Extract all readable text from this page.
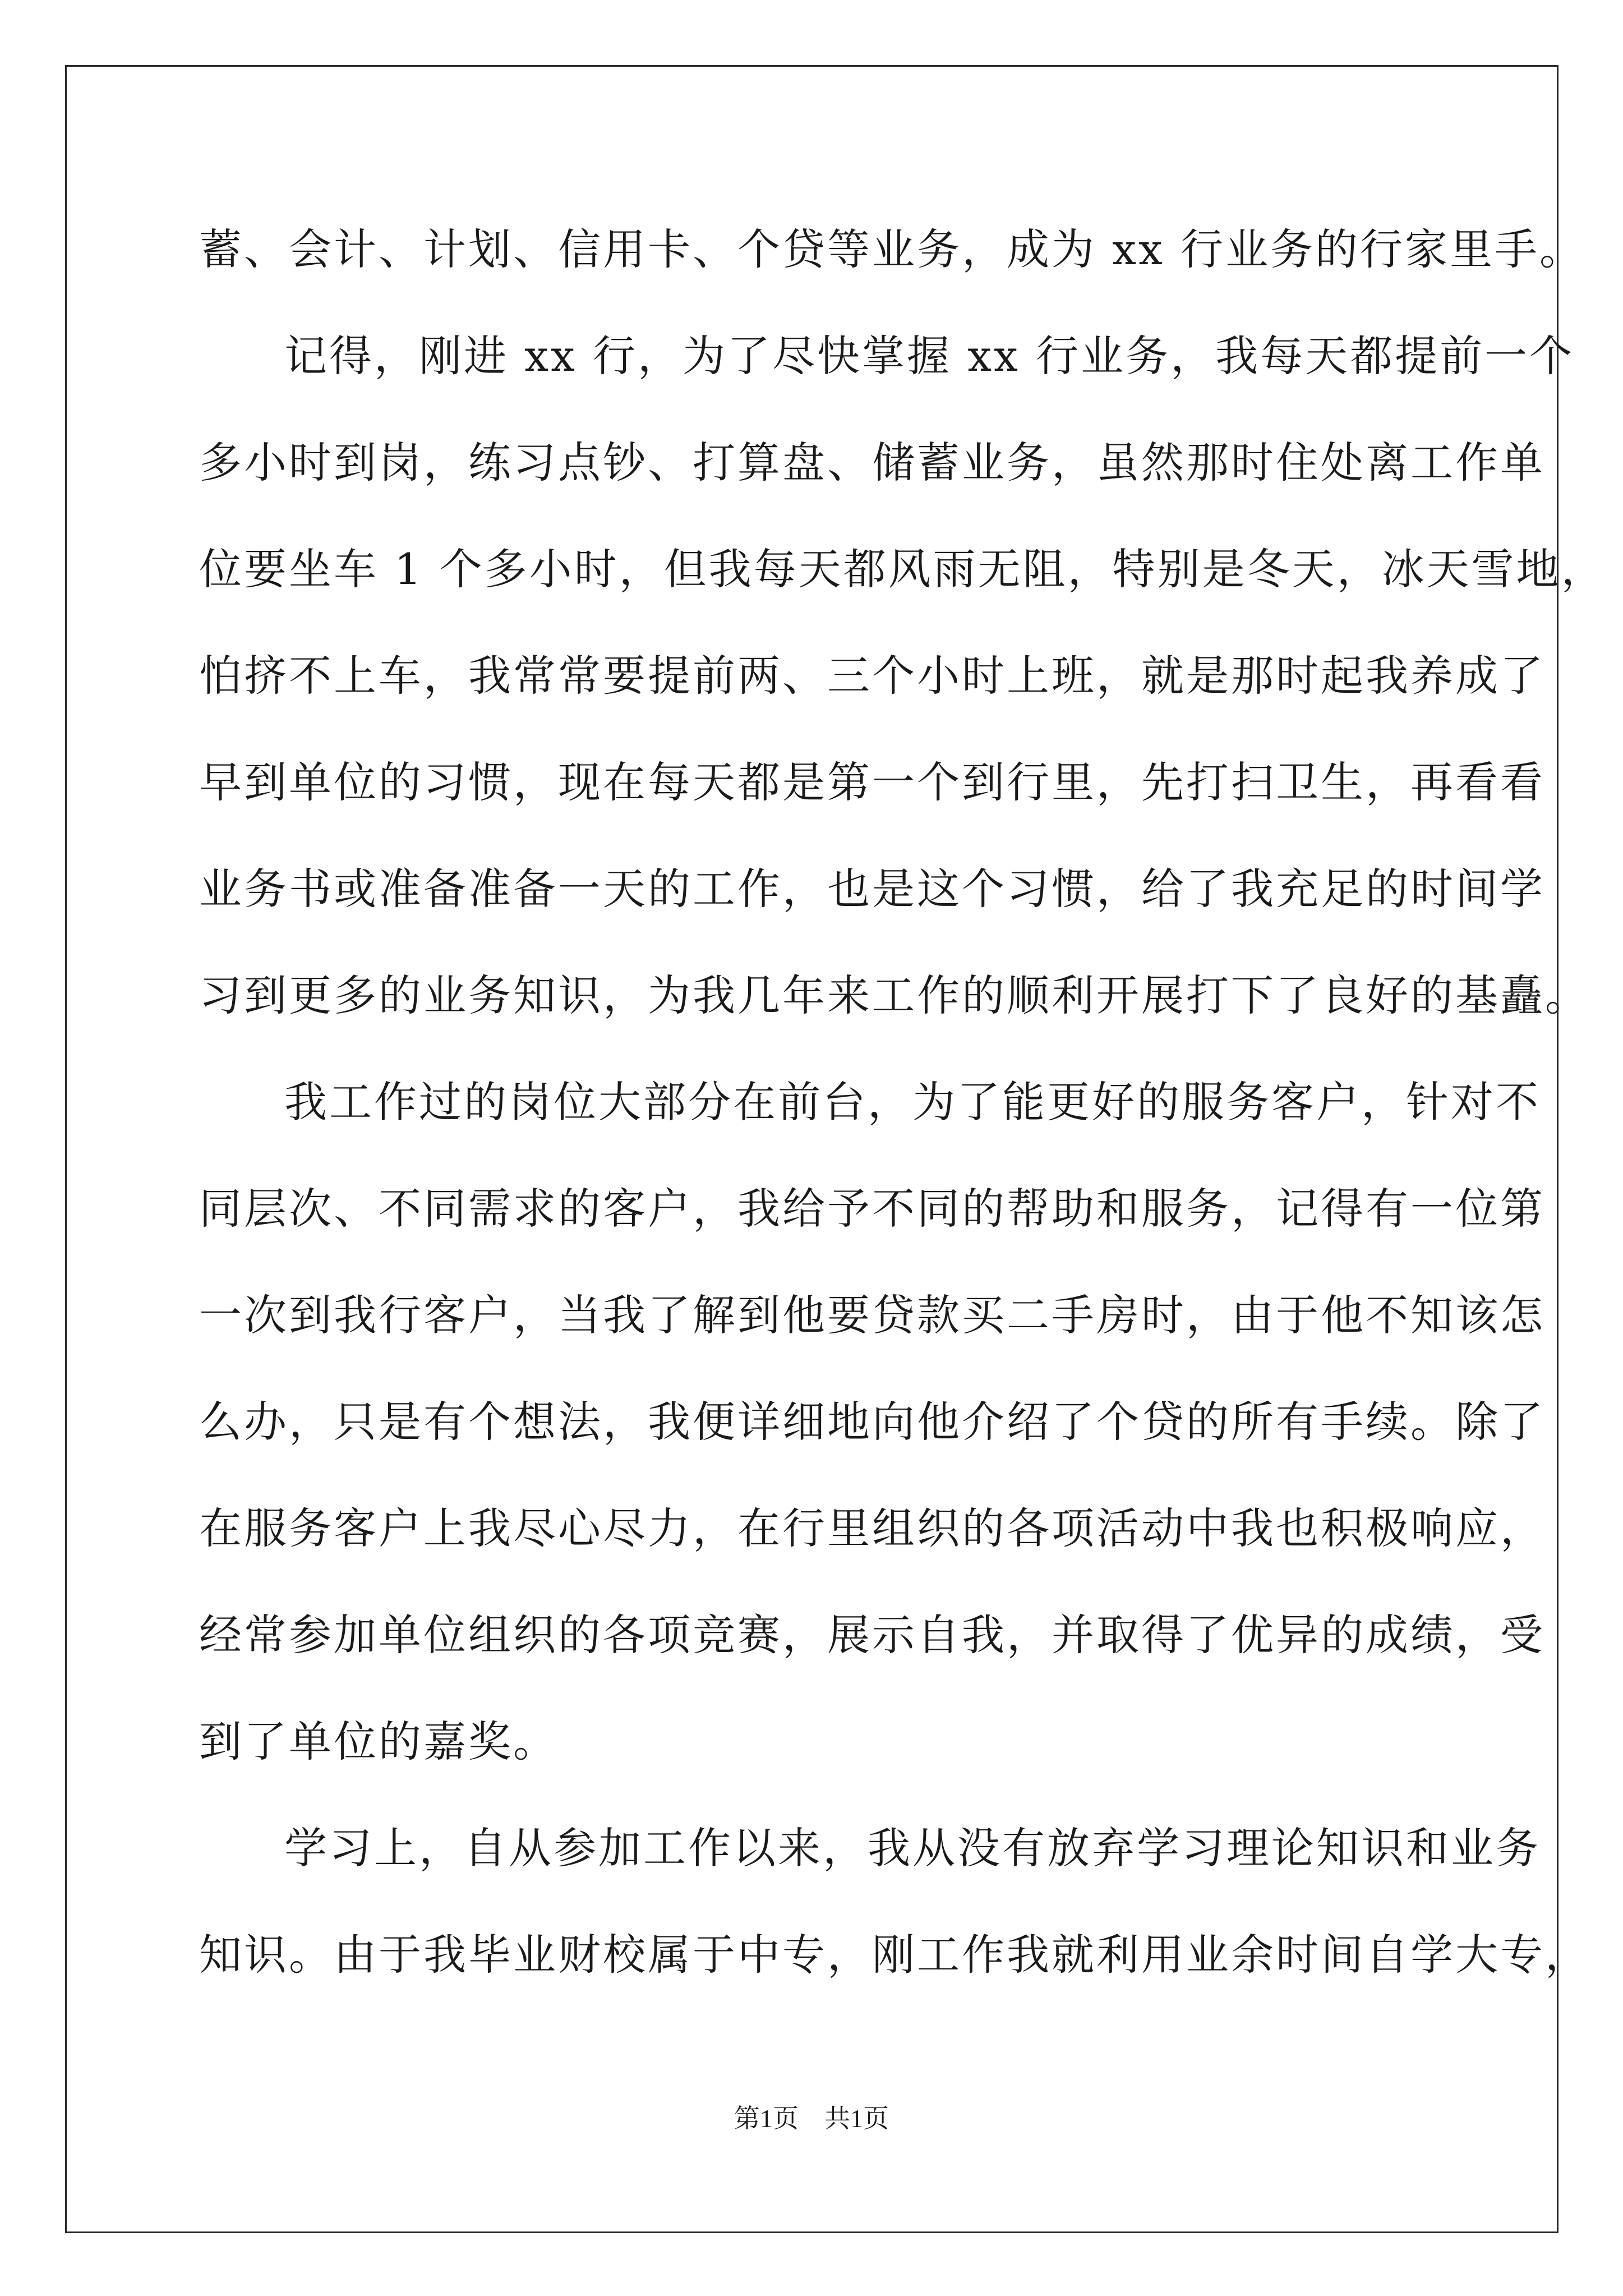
蓄、会计、计划、信用卡、个贷等业务，成为 xx 行业务的行家里手。
记得，刚进 xx 行，为了尽快掌握 xx 行业务，我每天都提前一个
多小时到岗，练习点钞、打算盘、储蓄业务，虽然那时住处离工作单
位要坐车 1 个多小时，但我每天都风雨无阻，特别是冬天，冰天雪地，
怕挤不上车，我常常要提前两、三个小时上班，就是那时起我养成了
早到单位的习惯，现在每天都是第一个到行里，先打扫卫生，再看看
业务书或准备准备一天的工作，也是这个习惯，给了我充足的时间学
习到更多的业务知识，为我几年来工作的顺利开展打下了良好的基矗。
我工作过的岗位大部分在前台，为了能更好的服务客户，针对不
同层次、不同需求的客户，我给予不同的帮助和服务，记得有一位第
一次到我行客户，当我了解到他要贷款买二手房时，由于他不知该怎
么办，只是有个想法，我便详细地向他介绍了个贷的所有手续。除了
在服务客户上我尽心尽力，在行里组织的各项活动中我也积极响应，
经常参加单位组织的各项竞赛，展示自我，并取得了优异的成绩，受
到了单位的嘉奖。
学习上，自从参加工作以来，我从没有放弃学习理论知识和业务
知识。由于我毕业财校属于中专，刚工作我就利用业余时间自学大专，
第1页　共1页
